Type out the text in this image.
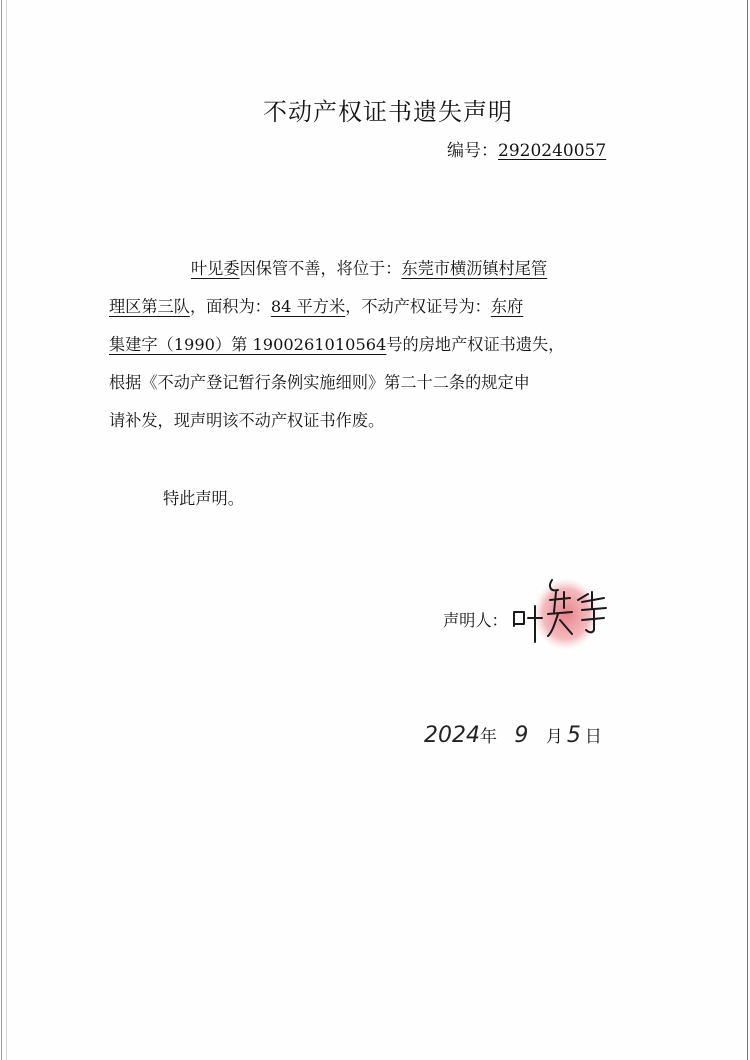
不动产权证书遗失声明
编号：2920240057
叶见委因保管不善，将位于：东莞市横沥镇村尾管
理区第三队，面积为：84 平方米，不动产权证号为：东府
集建字（1990）第 1900261010564号的房地产权证书遗失，
根据《不动产登记暂行条例实施细则》第二十二条的规定申
请补发，现声明该不动产权证书作废。
特此声明。
声明人：
2024年 9 月 5 日
